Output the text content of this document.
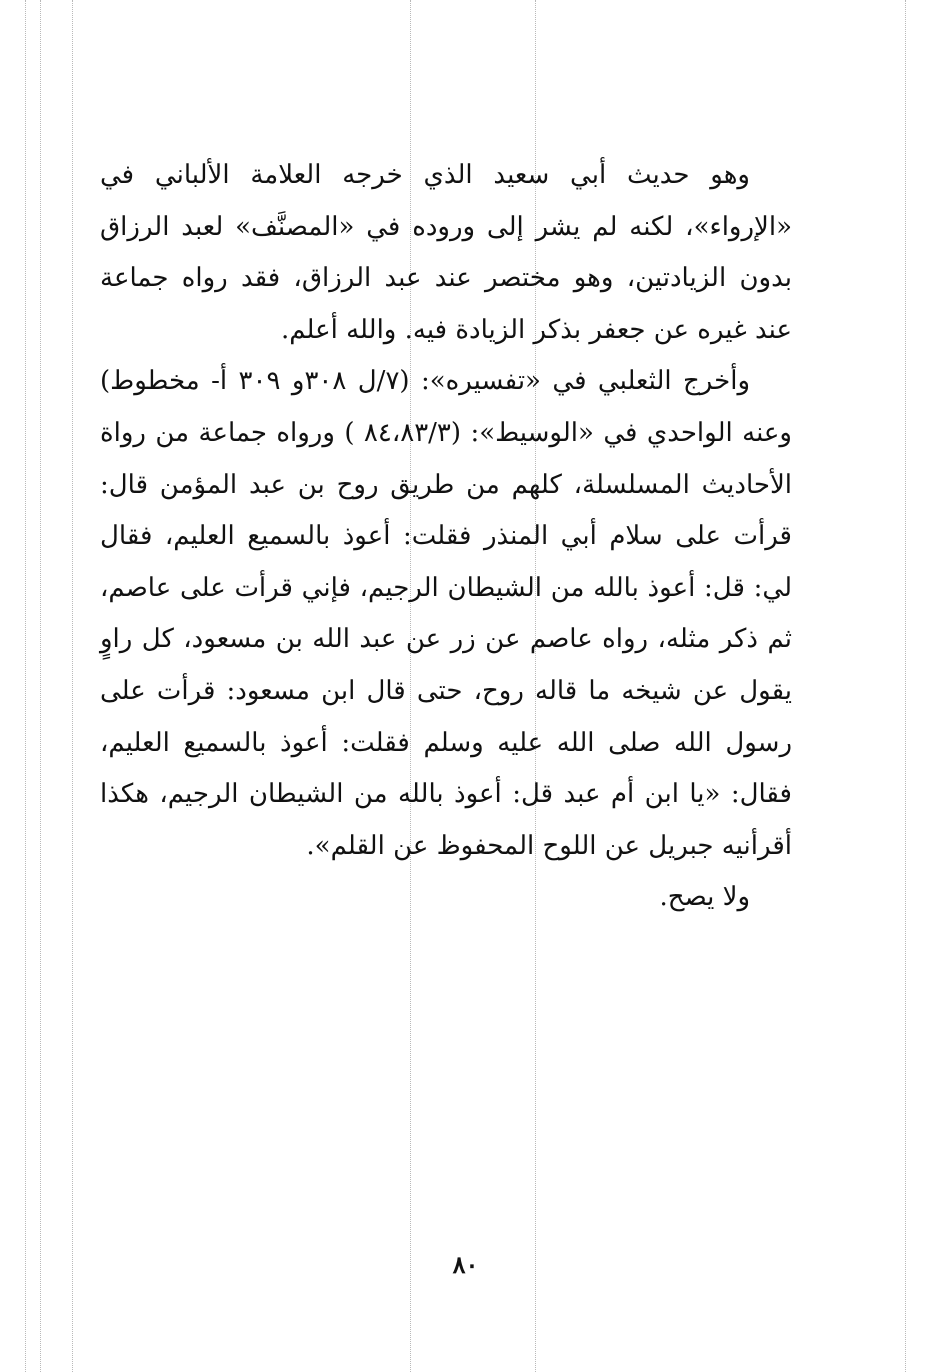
وهو حديث أبي سعيد الذي خرجه العلامة الألباني في «الإرواء»، لكنه لم يشر إلى وروده في «المصنَّف» لعبد الرزاق بدون الزيادتين، وهو مختصر عند عبد الرزاق، فقد رواه جماعة عند غيره عن جعفر بذكر الزيادة فيه. والله أعلم.

وأخرج الثعلبي في «تفسيره»: (٧/ل ٣٠٨و ٣٠٩ أ- مخطوط) وعنه الواحدي في «الوسيط»: (٨٤،٨٣/٣ ) ورواه جماعة من رواة الأحاديث المسلسلة، كلهم من طريق روح بن عبد المؤمن قال: قرأت على سلام أبي المنذر فقلت: أعوذ بالسميع العليم، فقال لي: قل: أعوذ بالله من الشيطان الرجيم، فإني قرأت على عاصم، ثم ذكر مثله، رواه عاصم عن زر عن عبد الله بن مسعود، كل راوٍ يقول عن شيخه ما قاله روح، حتى قال ابن مسعود: قرأت على رسول الله صلى الله عليه وسلم فقلت: أعوذ بالسميع العليم، فقال: «يا ابن أم عبد قل: أعوذ بالله من الشيطان الرجيم، هكذا أقرأنيه جبريل عن اللوح المحفوظ عن القلم».

ولا يصح.

٨٠
